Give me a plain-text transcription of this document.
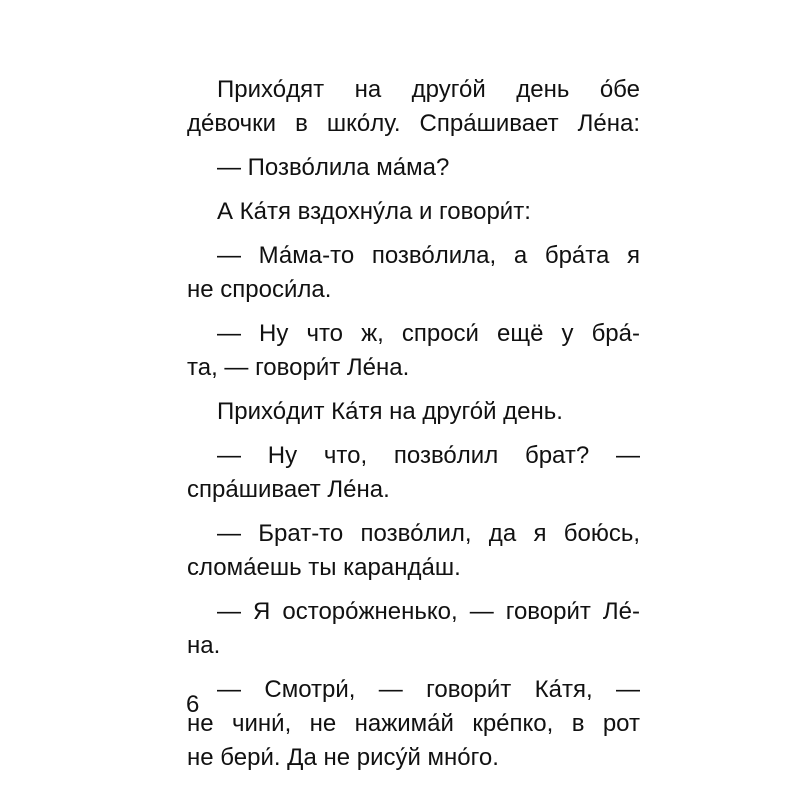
Прихо́дят на друго́й день о́бе
де́вочки в шко́лу. Спра́шивает Ле́на:
— Позво́лила ма́ма?
А Ка́тя вздохну́ла и говори́т:
— Ма́ма-то позво́лила, а бра́та я
не спроси́ла.
— Ну что ж, спроси́ ещё у бра́-
та, — говори́т Ле́на.
Прихо́дит Ка́тя на друго́й день.
— Ну что, позво́лил брат? —
спра́шивает Ле́на.
— Брат-то позво́лил, да я бою́сь,
слома́ешь ты каранда́ш.
— Я осторо́жненько, — говори́т Ле́-
на.
— Смотри́, — говори́т Ка́тя, —
не чини́, не нажима́й кре́пко, в рот
не бери́. Да не рису́й мно́го.
6
